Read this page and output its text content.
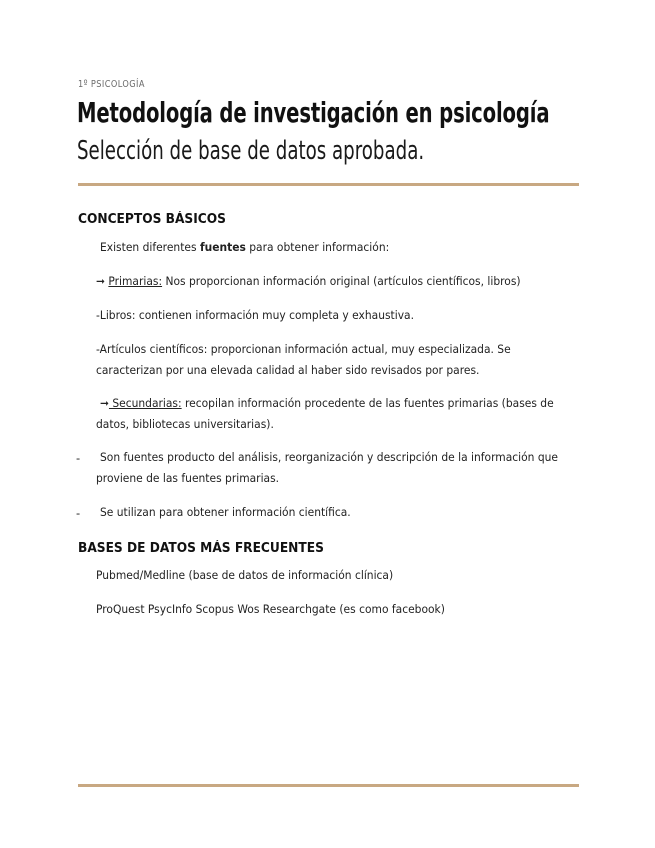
1º PSICOLOGÍA
Metodología de investigación en psicología
Selección de base de datos aprobada.
CONCEPTOS BÁSICOS
Existen diferentes fuentes para obtener información:
➞ Primarias: Nos proporcionan información original (artículos científicos, libros)
-Libros: contienen información muy completa y exhaustiva.
-Artículos científicos: proporcionan información actual, muy especializada. Se
caracterizan por una elevada calidad al haber sido revisados por pares.
➞ Secundarias: recopilan información procedente de las fuentes primarias (bases de
datos, bibliotecas universitarias).
- Son fuentes producto del análisis, reorganización y descripción de la información que
proviene de las fuentes primarias.
- Se utilizan para obtener información científica.
BASES DE DATOS MÁS FRECUENTES
Pubmed/Medline (base de datos de información clínica)
ProQuest PsycInfo Scopus Wos Researchgate (es como facebook)
